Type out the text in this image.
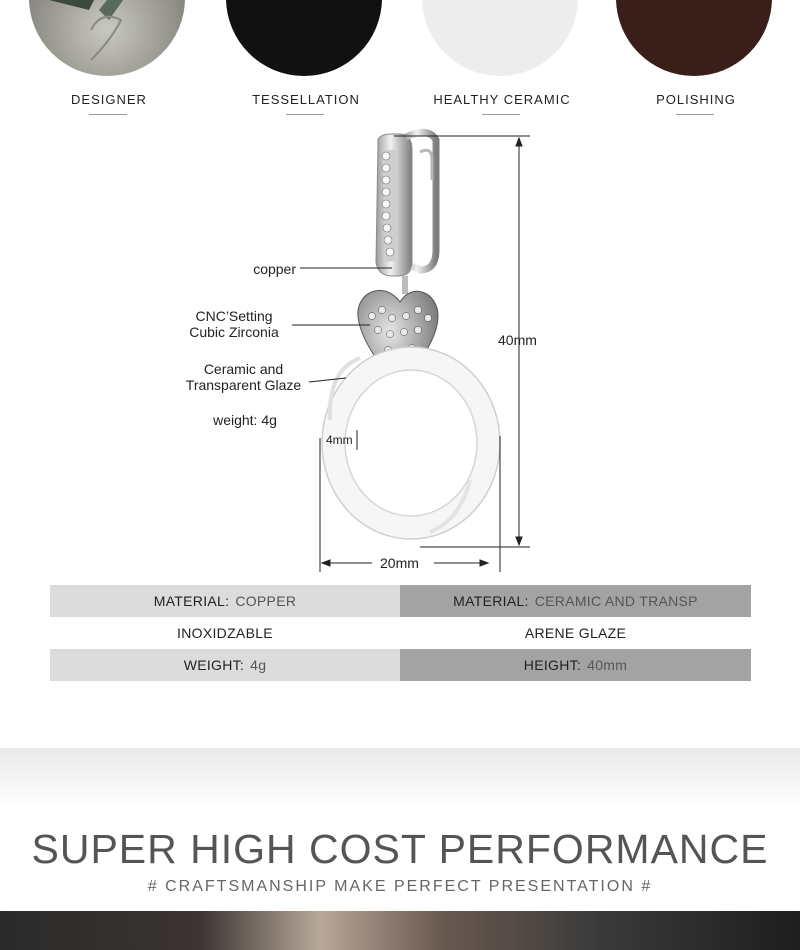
DESIGNER	TESSELLATION	HEALTHY CERAMIC	POLISHING
copper
CNC’Setting
Cubic Zirconia
Ceramic and
Transparent Glaze
weight: 4g
40mm
4mm
20mm
MATERIAL: COPPER	MATERIAL: CERAMIC AND TRANSP
INOXIDZABLE	ARENE GLAZE
WEIGHT: 4g	HEIGHT: 40mm
SUPER HIGH COST PERFORMANCE
# CRAFTSMANSHIP MAKE PERFECT PRESENTATION #
